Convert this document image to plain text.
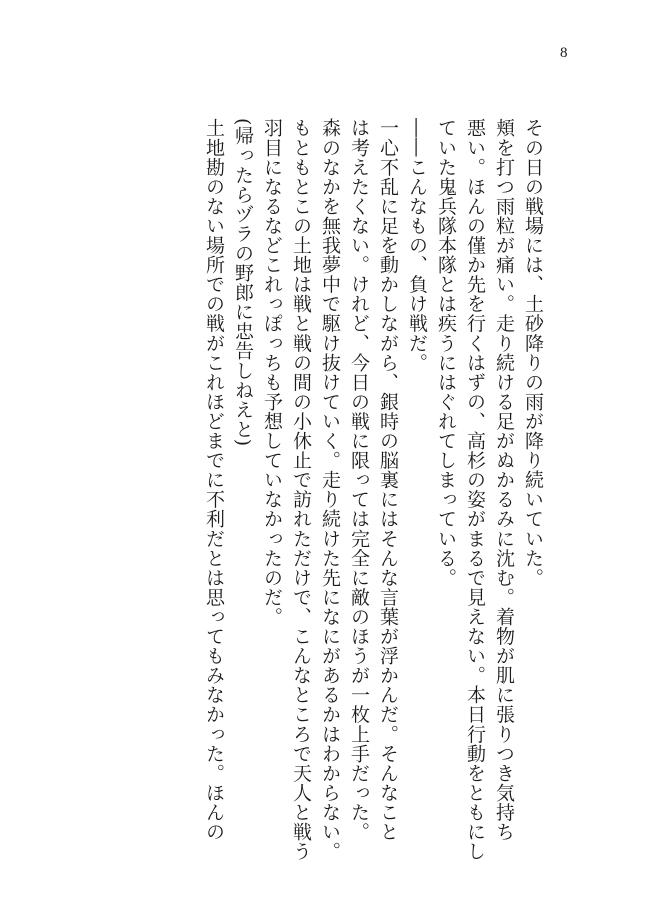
8

その日の戦場には、土砂降りの雨が降り続いていた。

頬を打つ雨粒が痛い。走り続ける足がぬかるみに沈む。着物が肌に張りつき気持ち

悪い。ほんの僅か先を行くはずの、高杉の姿がまるで見えない。本日行動をともにし

ていた鬼兵隊本隊とは疾うにはぐれてしまっている。

――こんなもの、負け戦だ。

一心不乱に足を動かしながら、銀時の脳裏にはそんな言葉が浮かんだ。そんなこと

は考えたくない。けれど、今日の戦に限っては完全に敵のほうが一枚上手だった。

森のなかを無我夢中で駆け抜けていく。走り続けた先になにがあるかはわからない。

もともとこの土地は戦と戦の間の小休止で訪れただけで、こんなところで天人と戦う

羽目になるなどこれっぽっちも予想していなかったのだ。

(帰ったらヅラの野郎に忠告しねえと)

土地勘のない場所での戦がこれほどまでに不利だとは思ってもみなかった。ほんの
